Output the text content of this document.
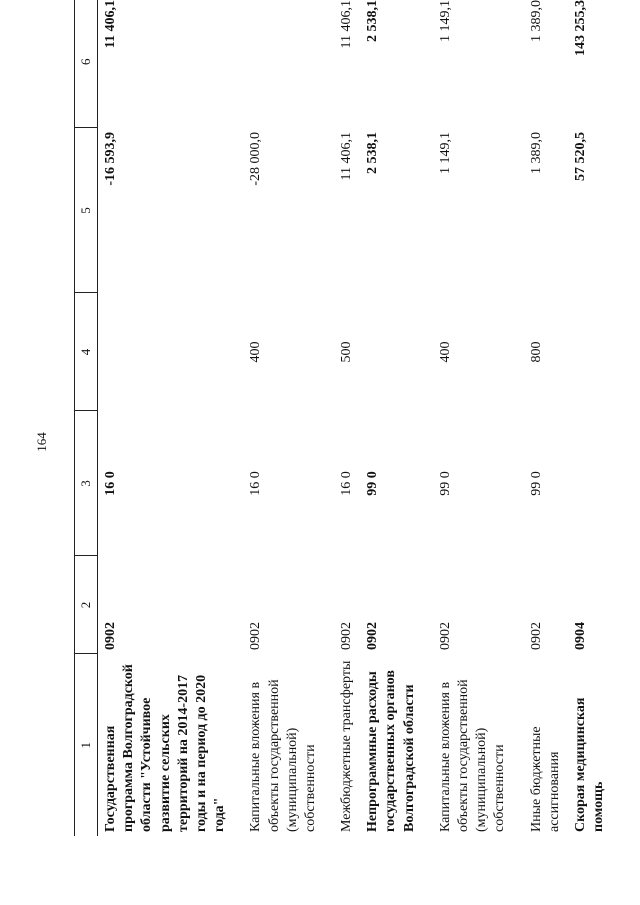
164
1	2	3	4	5	6
Государственная программа Волгоградской области "Устойчивое развитие сельских территорий на 2014-2017 годы и на период до 2020 года"	0902	16 0		-16 593,9	11 406,1
Капитальные вложения в объекты государственной (муниципальной) собственности	0902	16 0	400	-28 000,0	
Межбюджетные трансферты	0902	16 0	500	11 406,1	11 406,1
Непрограммные расходы государственных органов Волгоградской области	0902	99 0		2 538,1	2 538,1
Капитальные вложения в объекты государственной (муниципальной) собственности	0902	99 0	400	1 149,1	1 149,1
Иные бюджетные ассигнования	0902	99 0	800	1 389,0	1 389,0
Скорая медицинская помощь	0904			57 520,5	143 255,3
